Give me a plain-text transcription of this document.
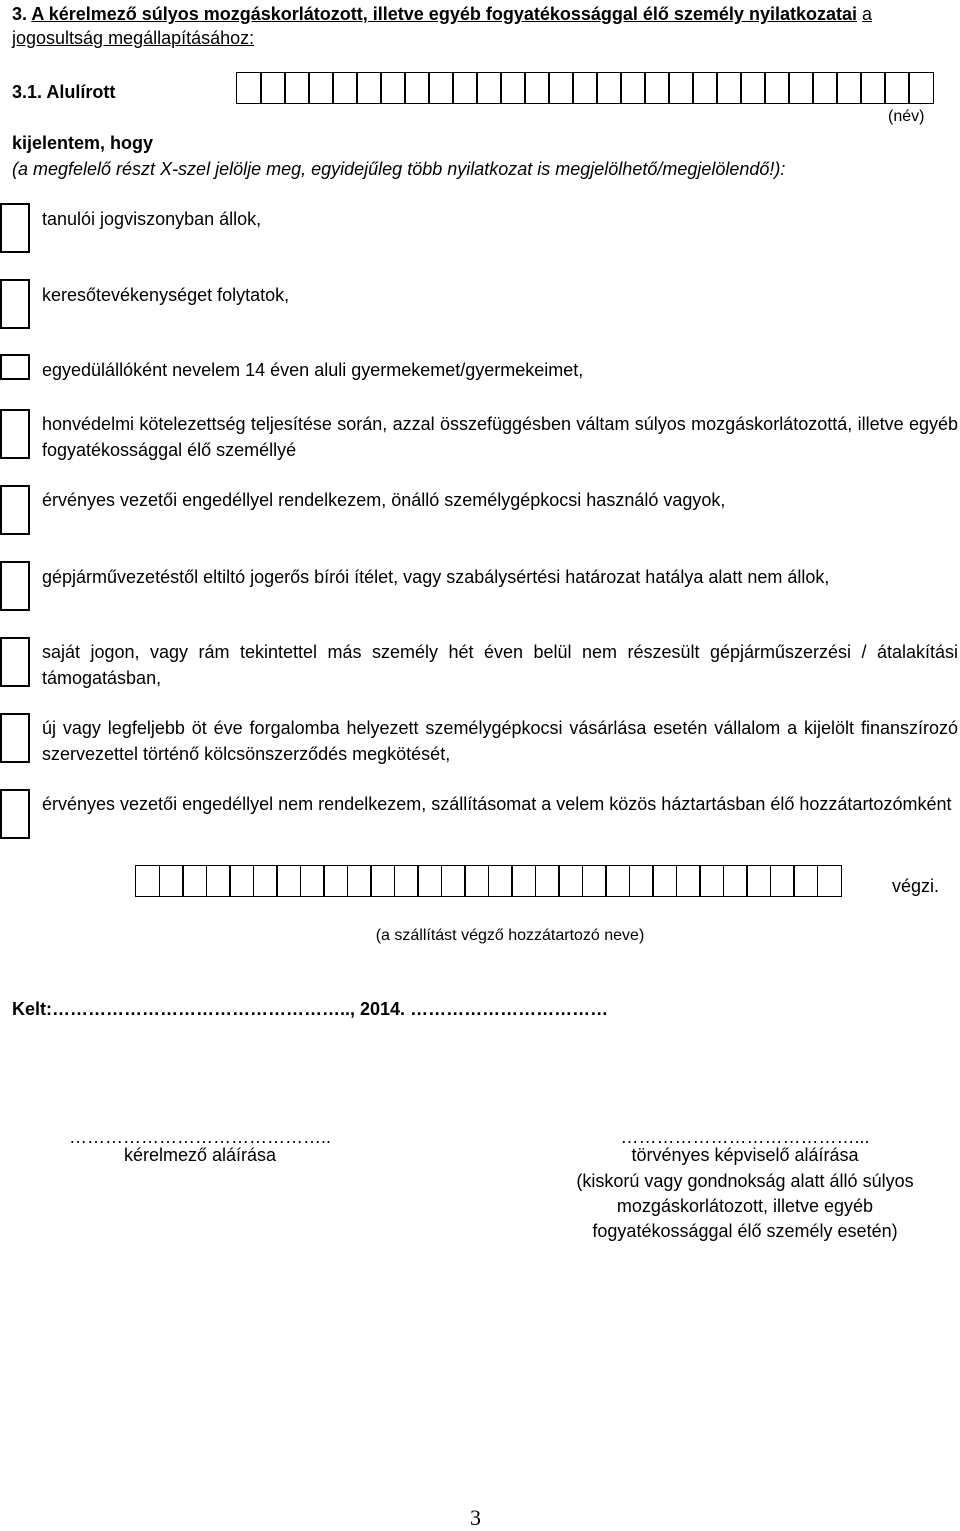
3. A kérelmező súlyos mozgáskorlátozott, illetve egyéb fogyatékossággal élő személy nyilatkozatai a jogosultság megállapításához:
3.1. Alulírott
(név)
kijelentem, hogy
(a megfelelő részt X-szel jelölje meg, egyidejűleg több nyilatkozat is megjelölhető/megjelölendő!):
tanulói jogviszonyban állok,
keresőtevékenységet folytatok,
egyedülállóként nevelem 14 éven aluli gyermekemet/gyermekeimet,
honvédelmi kötelezettség teljesítése során, azzal összefüggésben váltam súlyos mozgáskorlátozottá, illetve egyéb fogyatékossággal élő személlyé
érvényes vezetői engedéllyel rendelkezem, önálló személygépkocsi használó vagyok,
gépjárművezetéstől eltiltó jogerős bírói ítélet, vagy szabálysértési határozat hatálya alatt nem állok,
saját jogon, vagy rám tekintettel más személy hét éven belül nem részesült gépjárműszerzési / átalakítási támogatásban,
új vagy legfeljebb öt éve forgalomba helyezett személygépkocsi vásárlása esetén vállalom a kijelölt finanszírozó szervezettel történő kölcsönszerződés megkötését,
érvényes vezetői engedéllyel nem rendelkezem, szállításomat a velem közös háztartásban élő hozzátartozómként
végzi.
(a szállítást végző hozzátartozó neve)
Kelt:………………………………………….., 2014. ……………………………
……………………………………..
kérelmező aláírása
…………………………………...
törvényes képviselő aláírása
(kiskorú vagy gondnokság alatt álló súlyos mozgáskorlátozott, illetve egyéb fogyatékossággal élő személy esetén)
3
